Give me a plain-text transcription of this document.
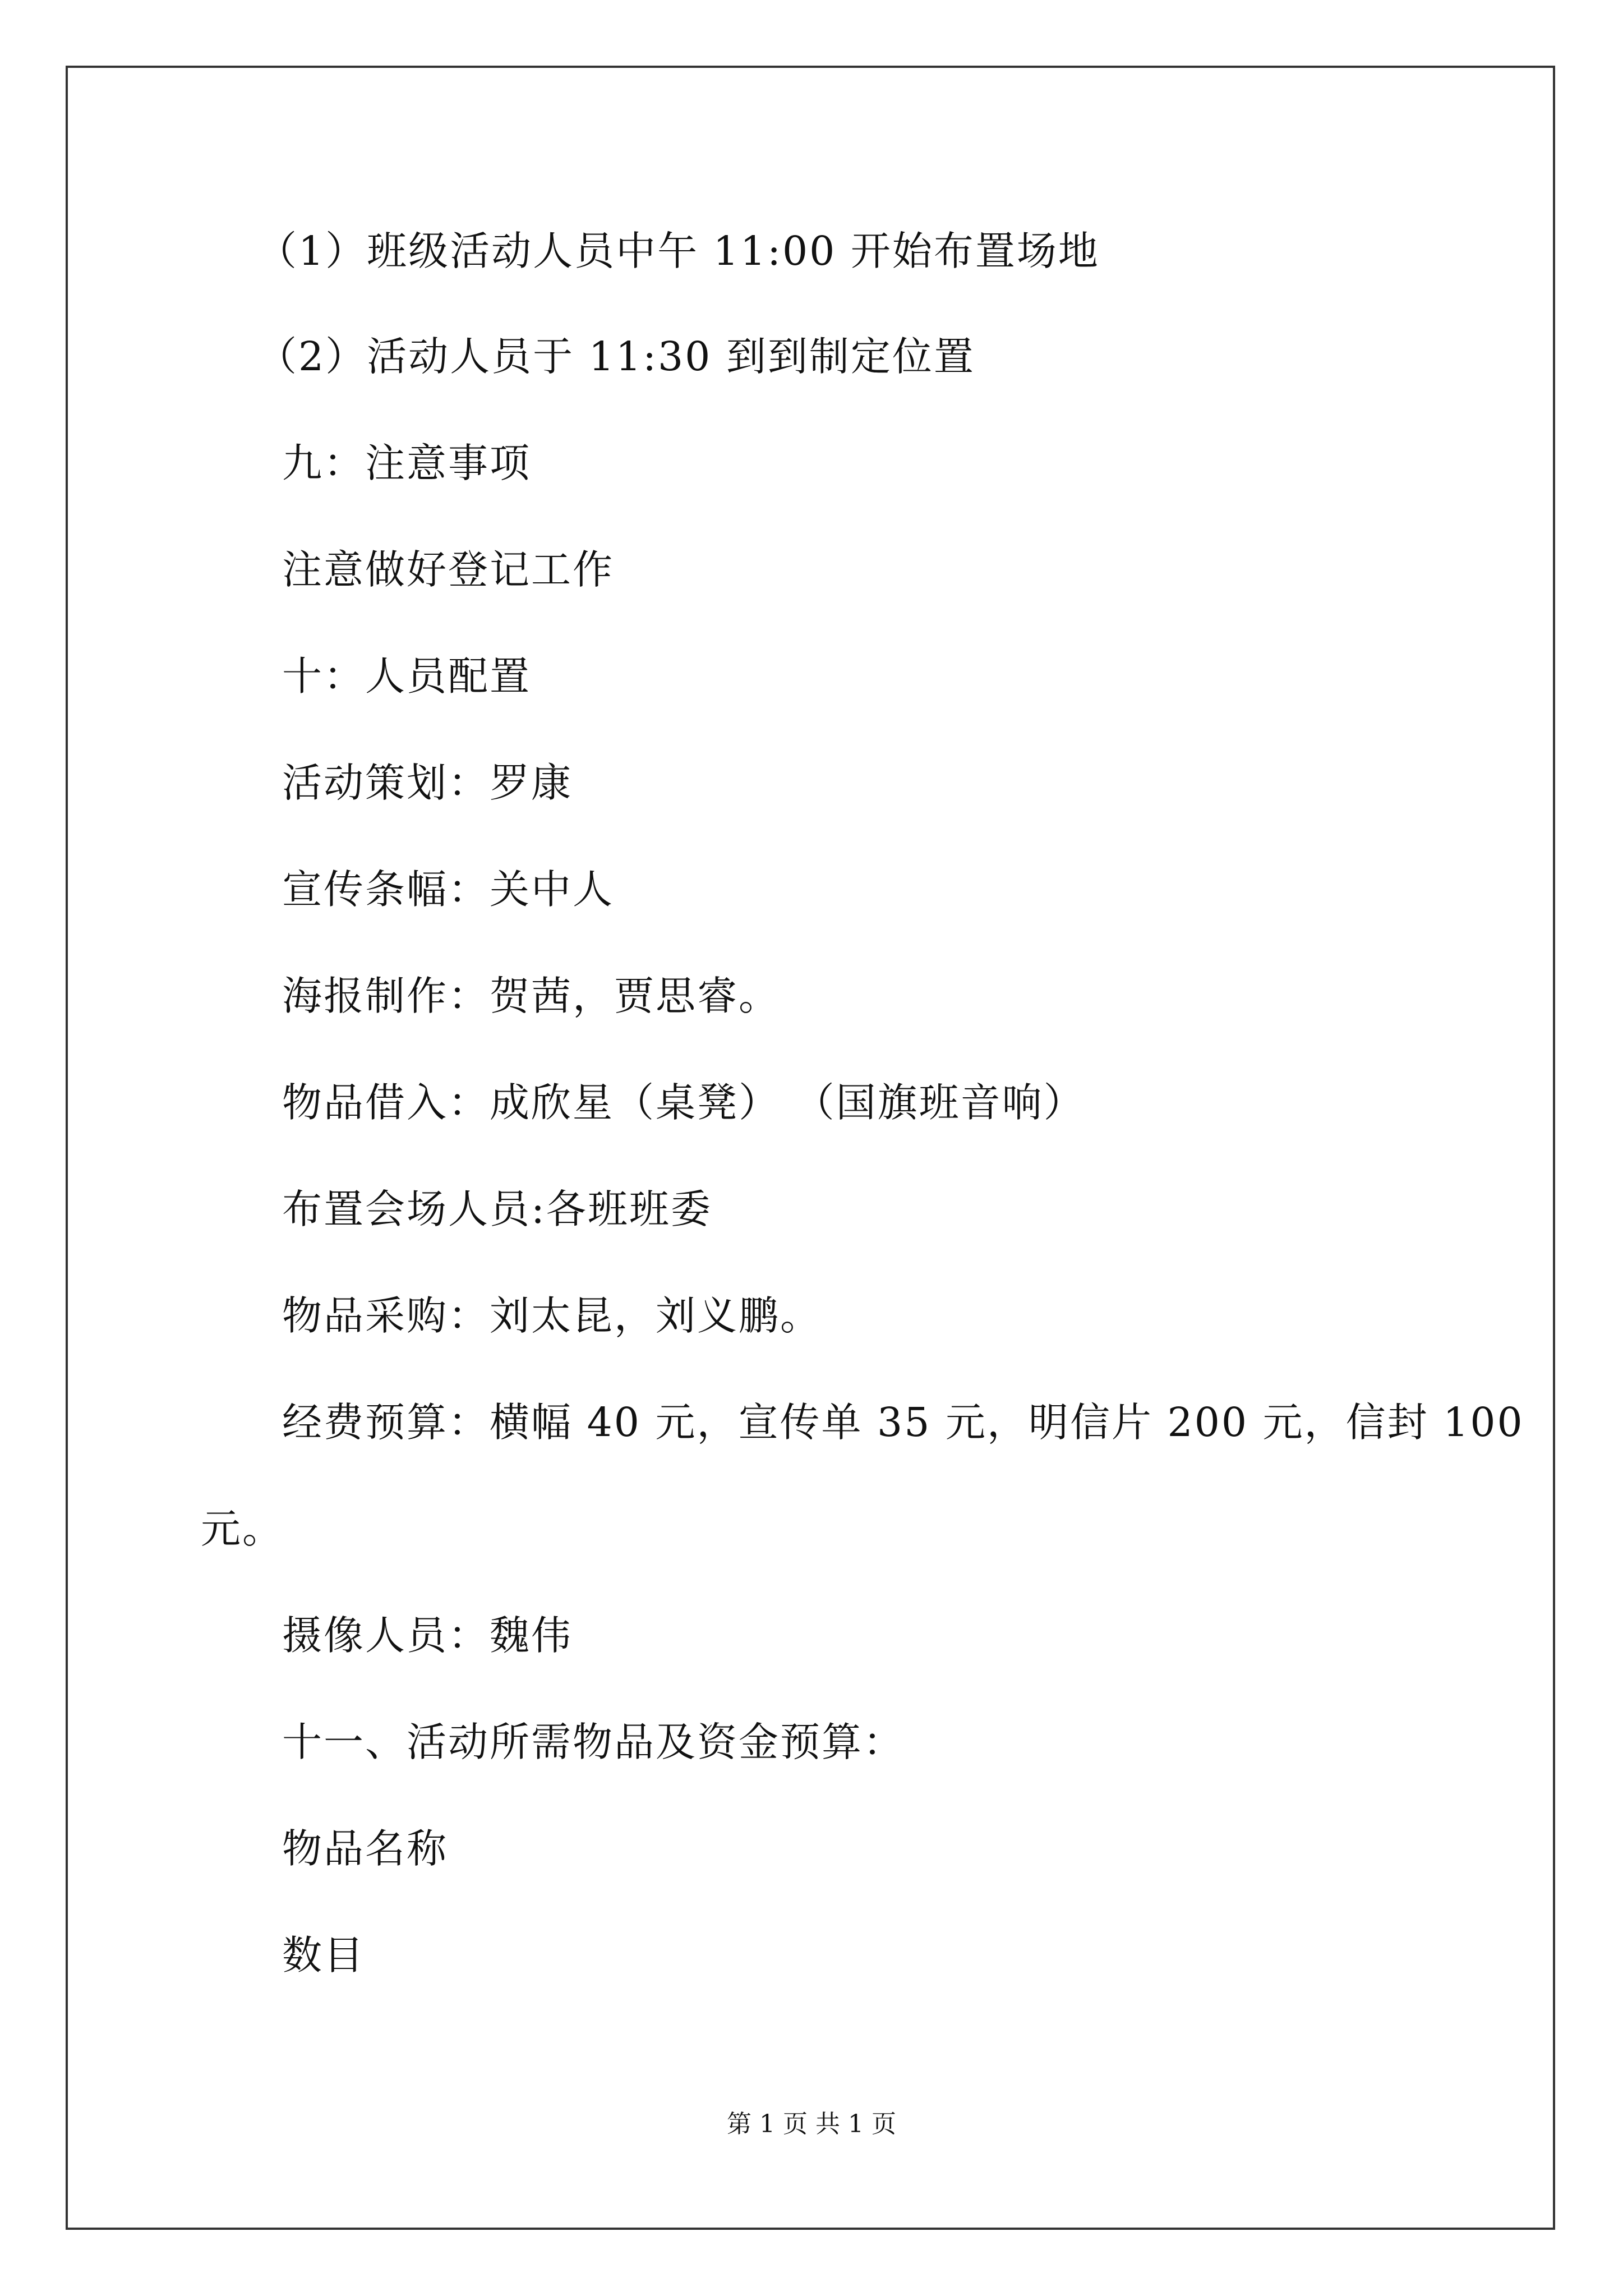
（1）班级活动人员中午 11:00 开始布置场地
（2）活动人员于 11:30 到到制定位置
九：注意事项
注意做好登记工作
十：人员配置
活动策划：罗康
宣传条幅：关中人
海报制作：贺茜，贾思睿。
物品借入：成欣星（桌凳） （国旗班音响）
布置会场人员:各班班委
物品采购：刘太昆，刘义鹏。
经费预算：横幅 40 元，宣传单 35 元，明信片 200 元，信封 100
元。
摄像人员：魏伟
十一、活动所需物品及资金预算：
物品名称
数目
第 1 页 共 1 页
